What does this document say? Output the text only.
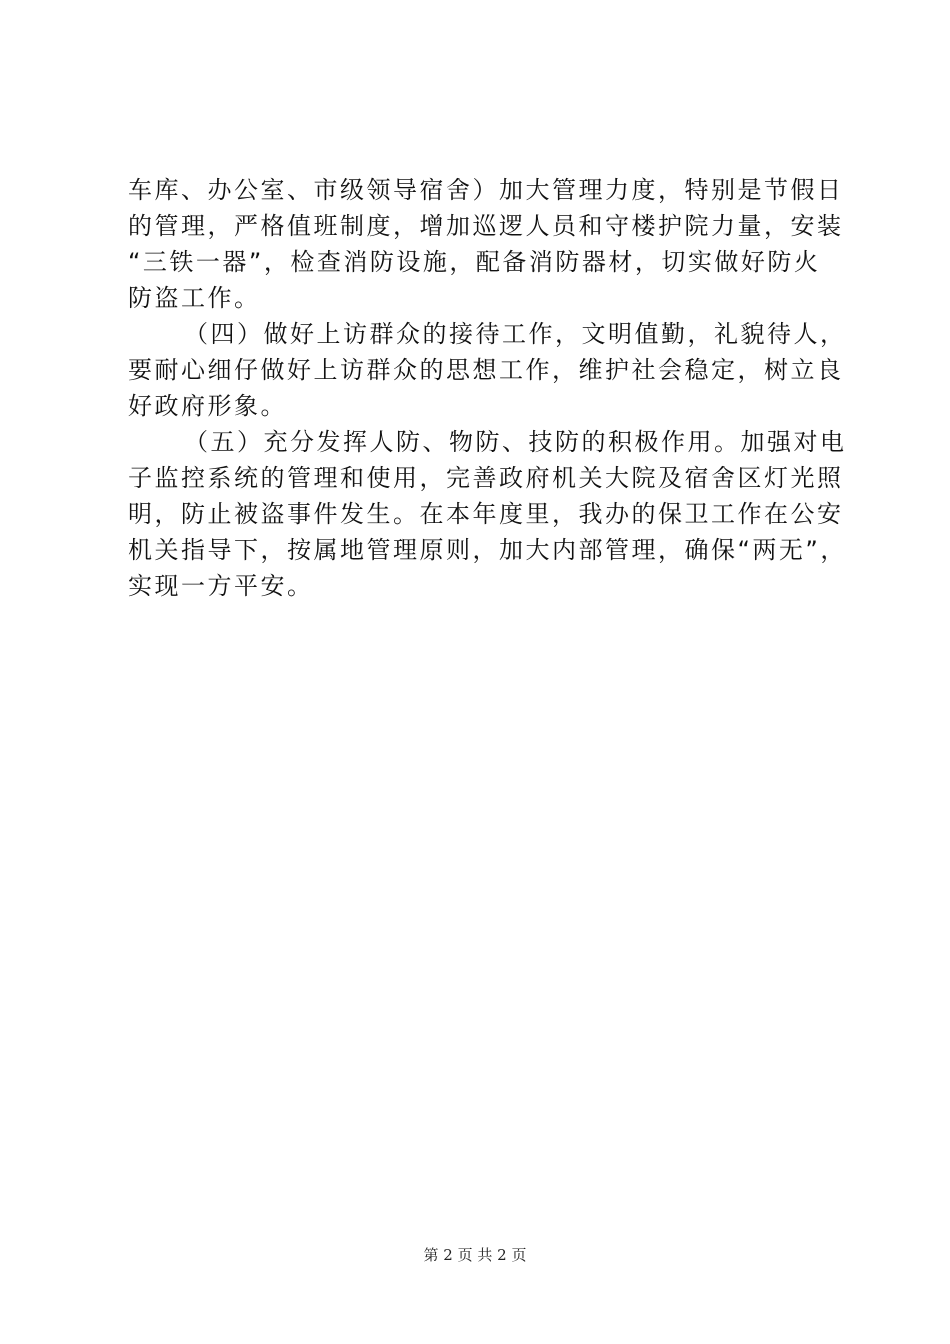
车库、办公室、市级领导宿舍）加大管理力度，特别是节假日
的管理，严格值班制度，增加巡逻人员和守楼护院力量，安装
“三铁一器”，检查消防设施，配备消防器材，切实做好防火
防盗工作。
（四）做好上访群众的接待工作，文明值勤，礼貌待人，
要耐心细仔做好上访群众的思想工作，维护社会稳定，树立良
好政府形象。
（五）充分发挥人防、物防、技防的积极作用。加强对电
子监控系统的管理和使用，完善政府机关大院及宿舍区灯光照
明，防止被盗事件发生。在本年度里，我办的保卫工作在公安
机关指导下，按属地管理原则，加大内部管理，确保“两无”，
实现一方平安。
第 2 页 共 2 页
